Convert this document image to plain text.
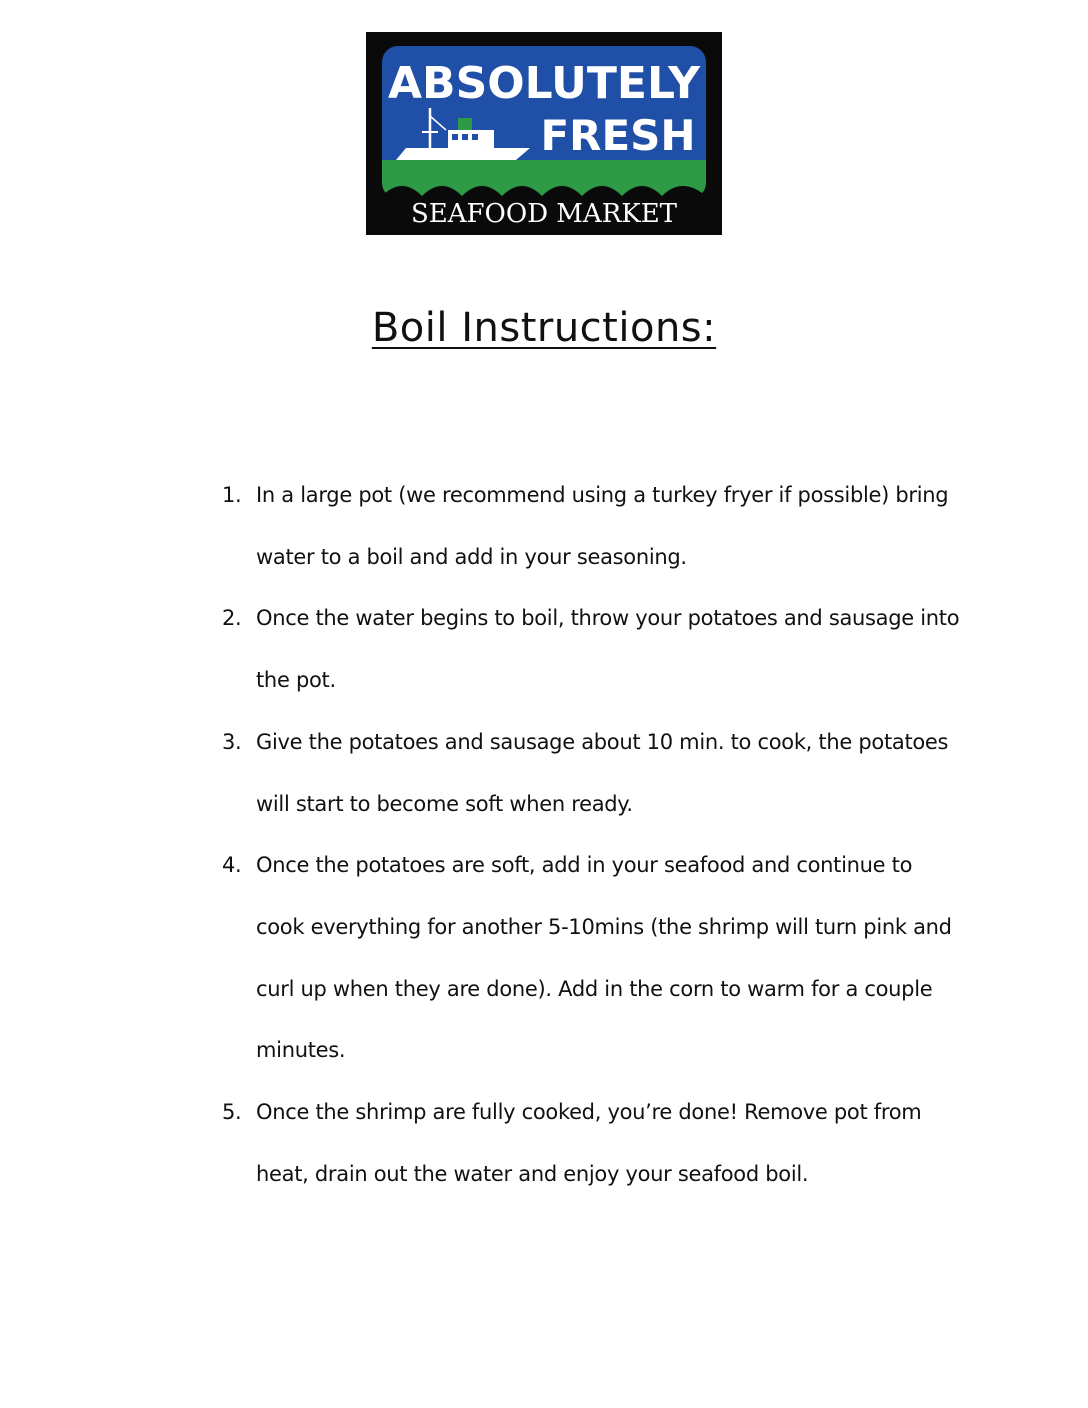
ABSOLUTELY
FRESH
SEAFOOD MARKET
Boil Instructions:
1. In a large pot (we recommend using a turkey fryer if possible) bring water to a boil and add in your seasoning.
2. Once the water begins to boil, throw your potatoes and sausage into the pot.
3. Give the potatoes and sausage about 10 min. to cook, the potatoes will start to become soft when ready.
4. Once the potatoes are soft, add in your seafood and continue to cook everything for another 5-10mins (the shrimp will turn pink and curl up when they are done). Add in the corn to warm for a couple minutes.
5. Once the shrimp are fully cooked, you’re done! Remove pot from heat, drain out the water and enjoy your seafood boil.
